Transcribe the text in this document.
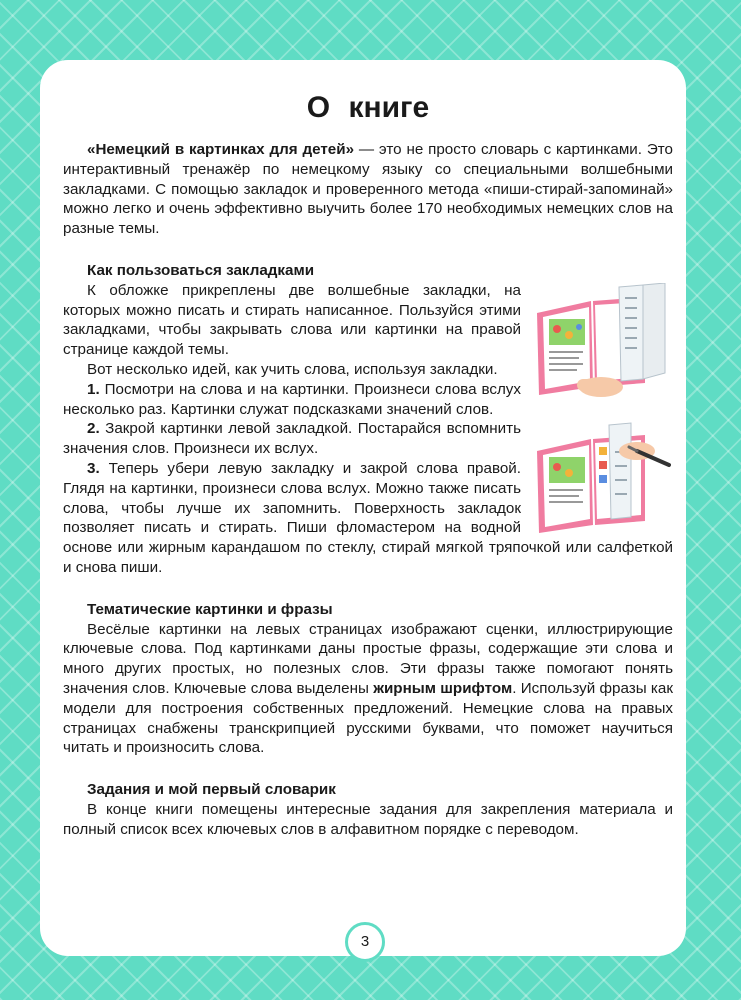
О книге

«Немецкий в картинках для детей» — это не просто словарь с картинками. Это интерактивный тренажёр по немецкому языку со специальными волшебными закладками. С помощью закладок и проверенного метода «пиши-стирай-запоминай» можно легко и очень эффективно выучить более 170 необходимых немецких слов на разные темы.

Как пользоваться закладками

К обложке прикреплены две волшебные закладки, на которых можно писать и стирать написанное. Пользуйся этими закладками, чтобы закрывать слова или картинки на правой странице каждой темы.

Вот несколько идей, как учить слова, используя закладки.

1. Посмотри на слова и на картинки. Произнеси слова вслух несколько раз. Картинки служат подсказками значений слов.

2. Закрой картинки левой закладкой. Постарайся вспомнить значения слов. Произнеси их вслух.

3. Теперь убери левую закладку и закрой слова правой. Глядя на картинки, произнеси слова вслух. Можно также писать слова, чтобы лучше их запомнить. Поверхность закладок позволяет писать и стирать. Пиши фломастером на водной основе или жирным карандашом по стеклу, стирай мягкой тряпочкой или салфеткой и снова пиши.

Тематические картинки и фразы

Весёлые картинки на левых страницах изображают сценки, иллюстрирующие ключевые слова. Под картинками даны простые фразы, содержащие эти слова и много других простых, но полезных слов. Эти фразы также помогают понять значения слов. Ключевые слова выделены жирным шрифтом. Используй фразы как модели для построения собственных предложений. Немецкие слова на правых страницах снабжены транскрипцией русскими буквами, что поможет научиться читать и произносить слова.

Задания и мой первый словарик

В конце книги помещены интересные задания для закрепления материала и полный список всех ключевых слов в алфавитном порядке с переводом.

3
